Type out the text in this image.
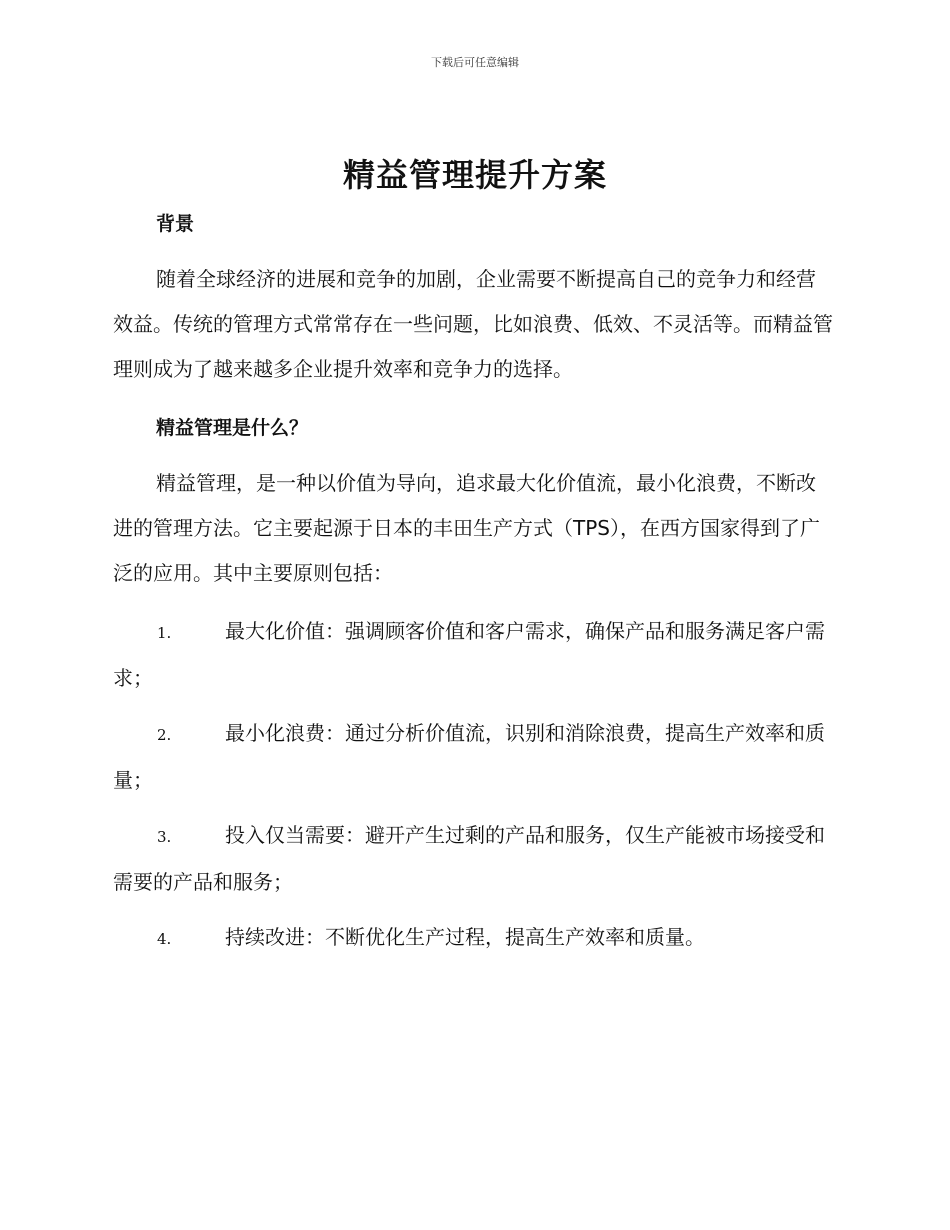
下载后可任意编辑
精益管理提升方案
背景

随着全球经济的进展和竞争的加剧，企业需要不断提高自己的竞争力和经营效益。传统的管理方式常常存在一些问题，比如浪费、低效、不灵活等。而精益管理则成为了越来越多企业提升效率和竞争力的选择。

精益管理是什么？

精益管理，是一种以价值为导向，追求最大化价值流，最小化浪费，不断改进的管理方法。它主要起源于日本的丰田生产方式（TPS），在西方国家得到了广泛的应用。其中主要原则包括：

1.	最大化价值：强调顾客价值和客户需求，确保产品和服务满足客户需求；

2.	最小化浪费：通过分析价值流，识别和消除浪费，提高生产效率和质量；

3.	投入仅当需要：避开产生过剩的产品和服务，仅生产能被市场接受和需要的产品和服务；

4.	持续改进：不断优化生产过程，提高生产效率和质量。
